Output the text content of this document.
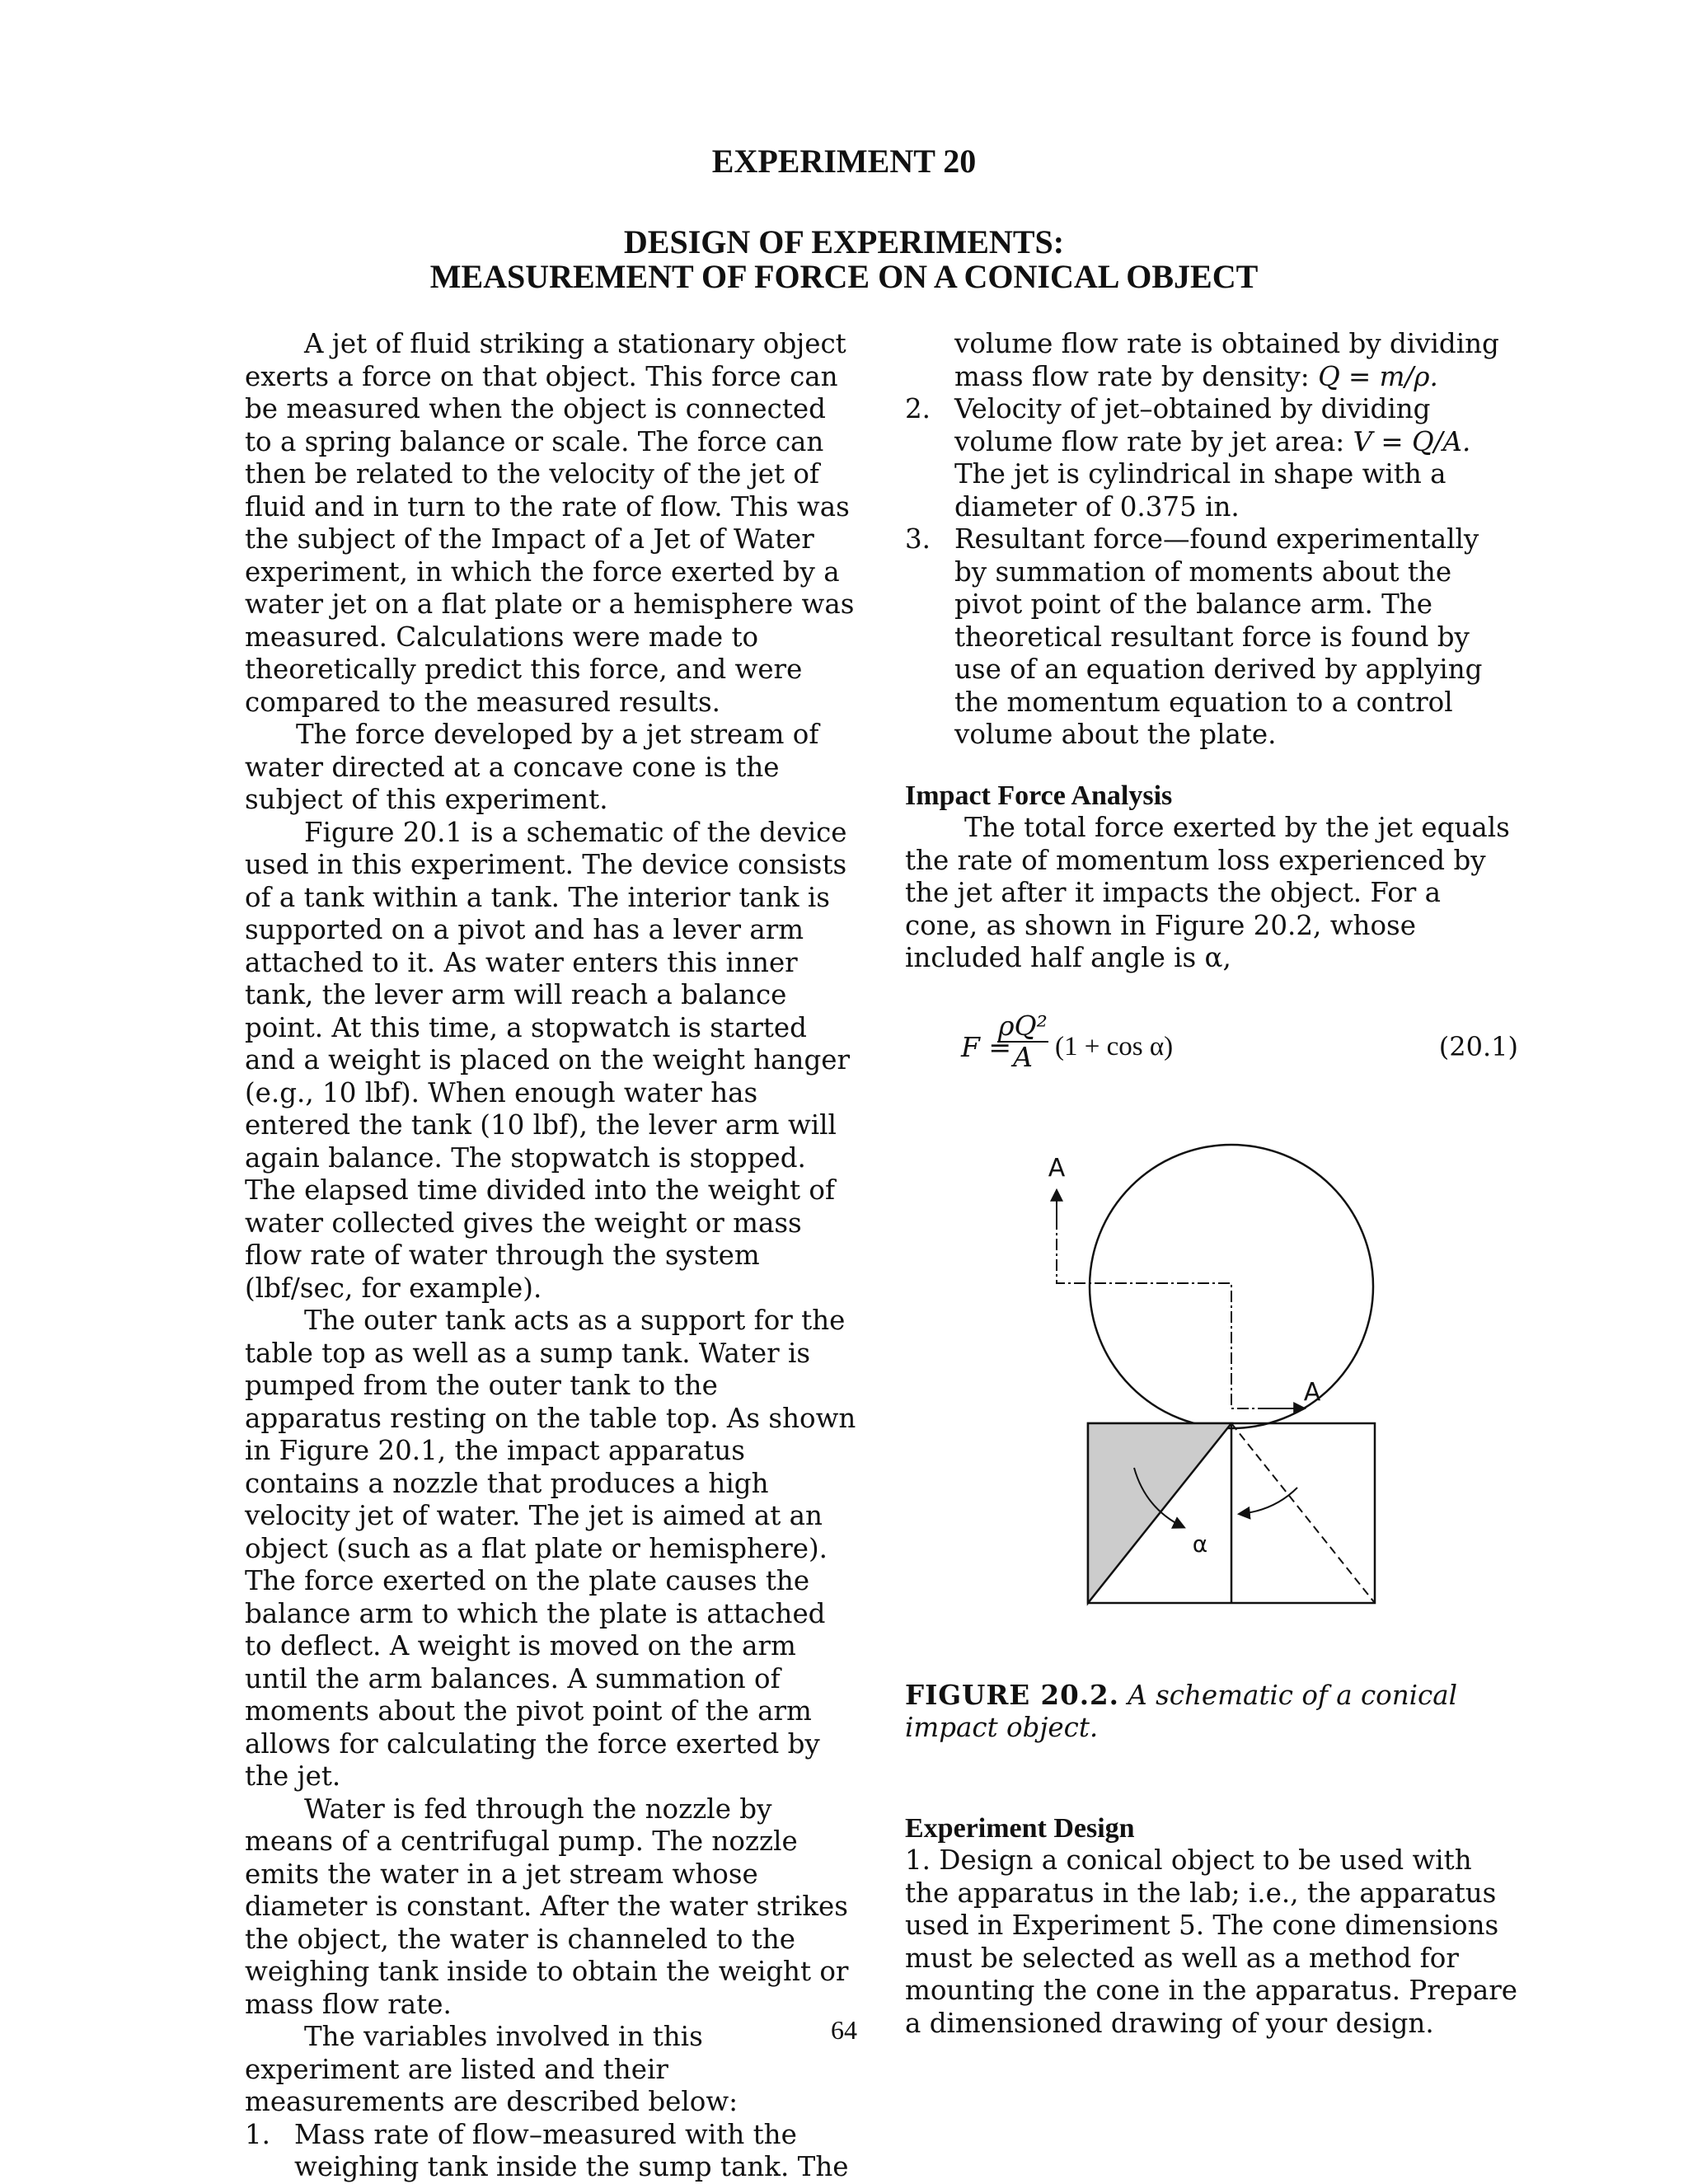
EXPERIMENT 20
DESIGN OF EXPERIMENTS:
MEASUREMENT OF FORCE ON A CONICAL OBJECT

A jet of fluid striking a stationary object exerts a force on that object. This force can be measured when the object is connected to a spring balance or scale. The force can then be related to the velocity of the jet of fluid and in turn to the rate of flow. This was the subject of the Impact of a Jet of Water experiment, in which the force exerted by a water jet on a flat plate or a hemisphere was measured. Calculations were made to theoretically predict this force, and were compared to the measured results.

The force developed by a jet stream of water directed at a concave cone is the subject of this experiment.

Figure 20.1 is a schematic of the device used in this experiment. The device consists of a tank within a tank. The interior tank is supported on a pivot and has a lever arm attached to it. As water enters this inner tank, the lever arm will reach a balance point. At this time, a stopwatch is started and a weight is placed on the weight hanger (e.g., 10 lbf). When enough water has entered the tank (10 lbf), the lever arm will again balance. The stopwatch is stopped. The elapsed time divided into the weight of water collected gives the weight or mass flow rate of water through the system (lbf/sec, for example).

The outer tank acts as a support for the table top as well as a sump tank. Water is pumped from the outer tank to the apparatus resting on the table top. As shown in Figure 20.1, the impact apparatus contains a nozzle that produces a high velocity jet of water. The jet is aimed at an object (such as a flat plate or hemisphere). The force exerted on the plate causes the balance arm to which the plate is attached to deflect. A weight is moved on the arm until the arm balances. A summation of moments about the pivot point of the arm allows for calculating the force exerted by the jet.

Water is fed through the nozzle by means of a centrifugal pump. The nozzle emits the water in a jet stream whose diameter is constant. After the water strikes the object, the water is channeled to the weighing tank inside to obtain the weight or mass flow rate.

The variables involved in this experiment are listed and their measurements are described below:

1. Mass rate of flow–measured with the weighing tank inside the sump tank. The

volume flow rate is obtained by dividing mass flow rate by density: Q = m/ρ.

2. Velocity of jet–obtained by dividing volume flow rate by jet area: V = Q/A. The jet is cylindrical in shape with a diameter of 0.375 in.

3. Resultant force—found experimentally by summation of moments about the pivot point of the balance arm. The theoretical resultant force is found by use of an equation derived by applying the momentum equation to a control volume about the plate.

Impact Force Analysis

The total force exerted by the jet equals the rate of momentum loss experienced by the jet after it impacts the object. For a cone, as shown in Figure 20.2, whose included half angle is α,

F =
$\frac{\text{ρQ²}}{A} (1 + \cos \alpha)$	(20.1)
A
A
α

FIGURE 20.2. A schematic of a conical impact object.

Experiment Design

1. Design a conical object to be used with the apparatus in the lab; i.e., the apparatus used in Experiment 5. The cone dimensions must be selected as well as a method for mounting the cone in the apparatus. Prepare a dimensioned drawing of your design.

64
